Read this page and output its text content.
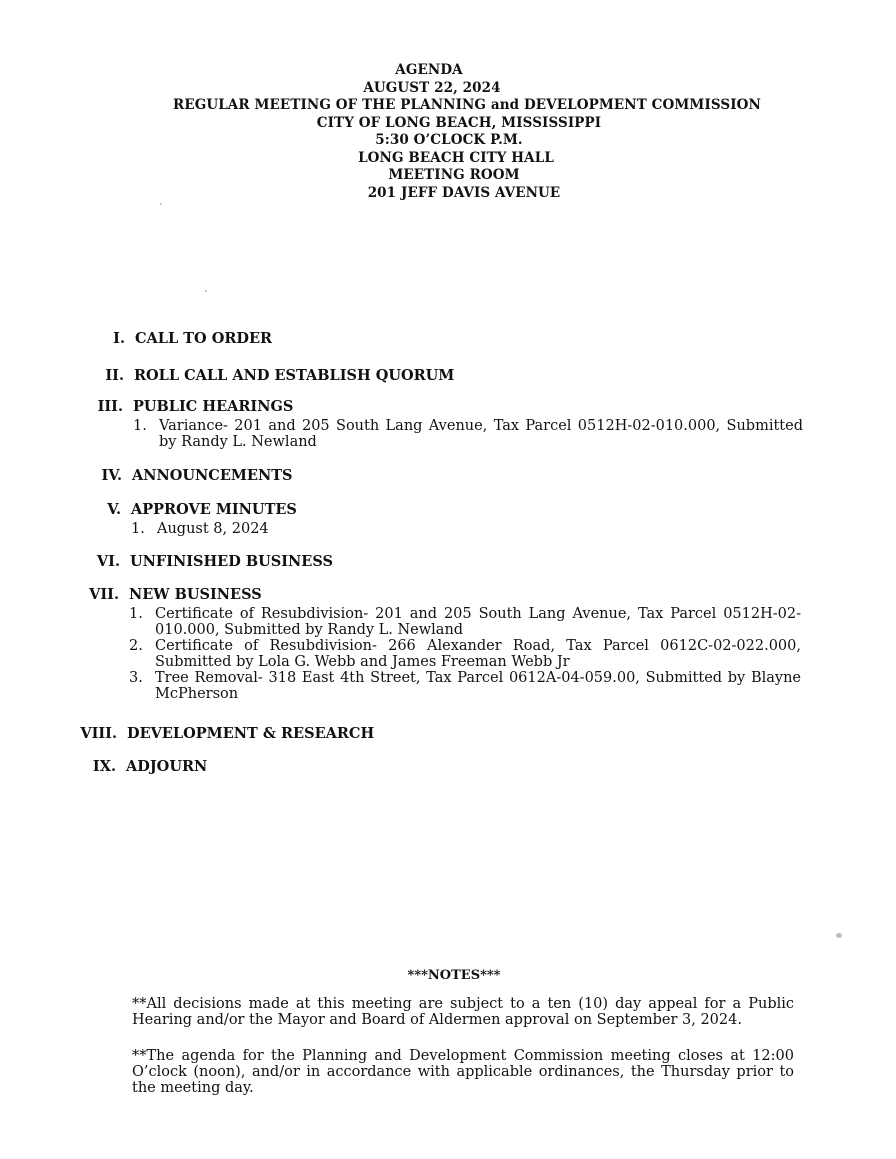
AGENDA
AUGUST 22, 2024
REGULAR MEETING OF THE PLANNING and DEVELOPMENT COMMISSION
CITY OF LONG BEACH, MISSISSIPPI
5:30 O’CLOCK P.M.
LONG BEACH CITY HALL
MEETING ROOM
201 JEFF DAVIS AVENUE
I. CALL TO ORDER
II. ROLL CALL AND ESTABLISH QUORUM
III. PUBLIC HEARINGS
1. Variance- 201 and 205 South Lang Avenue, Tax Parcel 0512H-02-010.000, Submitted by Randy L. Newland
IV. ANNOUNCEMENTS
V. APPROVE MINUTES
1. August 8, 2024
VI. UNFINISHED BUSINESS
VII. NEW BUSINESS
1. Certificate of Resubdivision- 201 and 205 South Lang Avenue, Tax Parcel 0512H-02-010.000, Submitted by Randy L. Newland
2. Certificate of Resubdivision- 266 Alexander Road, Tax Parcel 0612C-02-022.000, Submitted by Lola G. Webb and James Freeman Webb Jr
3. Tree Removal- 318 East 4th Street, Tax Parcel 0612A-04-059.00, Submitted by Blayne McPherson
VIII. DEVELOPMENT & RESEARCH
IX. ADJOURN
***NOTES***
**All decisions made at this meeting are subject to a ten (10) day appeal for a Public Hearing and/or the Mayor and Board of Aldermen approval on September 3, 2024.
**The agenda for the Planning and Development Commission meeting closes at 12:00 O’clock (noon), and/or in accordance with applicable ordinances, the Thursday prior to the meeting day.
